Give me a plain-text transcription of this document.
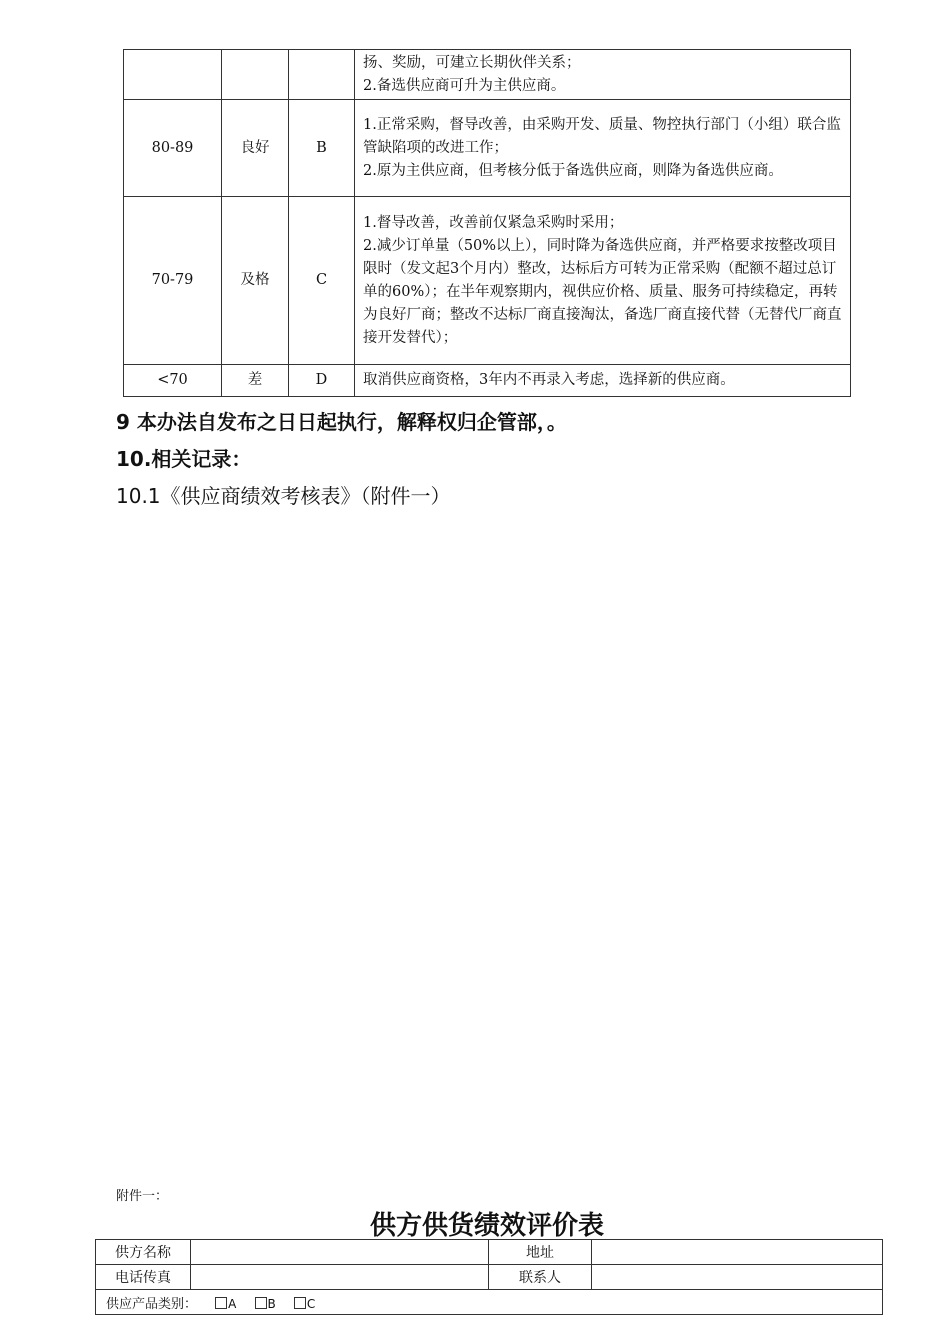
			扬、奖励，可建立长期伙伴关系；
2.备选供应商可升为主供应商。

80-89	良好	B	1.正常采购，督导改善，由采购开发、质量、物控执行部门（小组）联合监管缺陷项的改进工作；
2.原为主供应商，但考核分低于备选供应商，则降为备选供应商。

70-79	及格	C	1.督导改善，改善前仅紧急采购时采用；
2.减少订单量（50%以上），同时降为备选供应商，并严格要求按整改项目限时（发文起3个月内）整改，达标后方可转为正常采购（配额不超过总订单的60%）；在半年观察期内，视供应价格、质量、服务可持续稳定，再转为良好厂商；整改不达标厂商直接淘汰，备选厂商直接代替（无替代厂商直接开发替代）；

<70	差	D	取消供应商资格，3年内不再录入考虑，选择新的供应商。
9 本办法自发布之日日起执行，解释权归企管部，。
10.相关记录：
10.1《供应商绩效考核表》（附件一）
附件一：
供方供货绩效评价表
供方名称		地址	
电话传真		联系人	
供应产品类别： A B C			
